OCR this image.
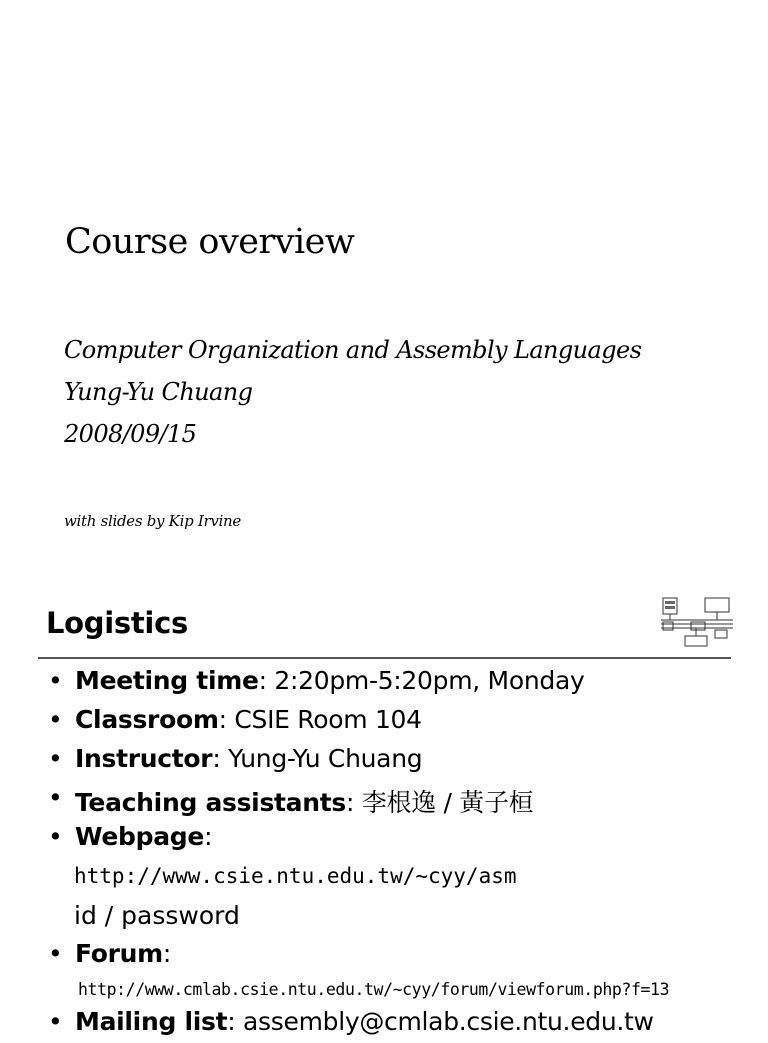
Course overview

Computer Organization and Assembly Languages

Yung-Yu Chuang

2008/09/15

with slides by Kip Irvine

Logistics
• Meeting time: 2:20pm-5:20pm, Monday
• Classroom: CSIE Room 104
• Instructor: Yung-Yu Chuang
• Teaching assistants: 李根逸 / 黃子桓
• Webpage:
http://www.csie.ntu.edu.tw/~cyy/asm
id / password
• Forum:
http://www.cmlab.csie.ntu.edu.tw/~cyy/forum/viewforum.php?f=13
• Mailing list: assembly@cmlab.csie.ntu.edu.tw
